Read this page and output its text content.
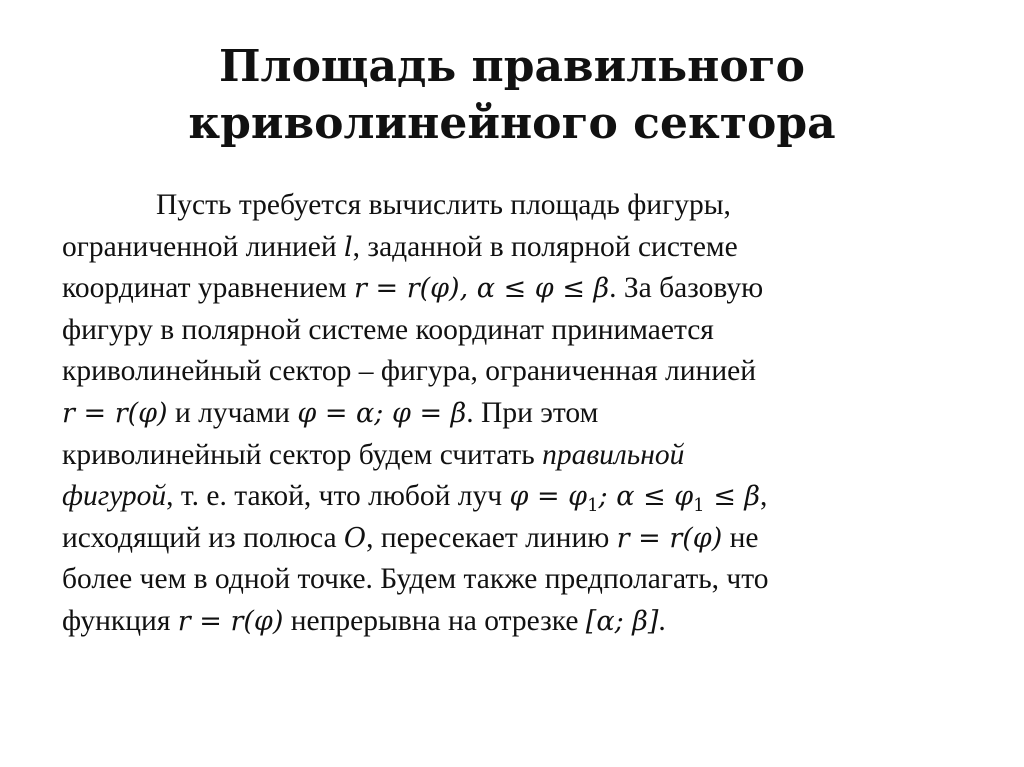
Площадь правильного
криволинейного сектора
Пусть требуется вычислить площадь фигуры,
ограниченной линией l, заданной в полярной системе
координат уравнением r = r(φ), α ≤ φ ≤ β. За базовую
фигуру в полярной системе координат принимается
криволинейный сектор – фигура, ограниченная линией
r = r(φ) и лучами φ = α; φ = β. При этом
криволинейный сектор будем считать правильной
фигурой, т. е. такой, что любой луч $\varphi = \varphi_1$; $\alpha \le \varphi_1 \le \beta$,
исходящий из полюса O, пересекает линию r = r(φ) не
более чем в одной точке. Будем также предполагать, что
функция r = r(φ) непрерывна на отрезке [α; β].
